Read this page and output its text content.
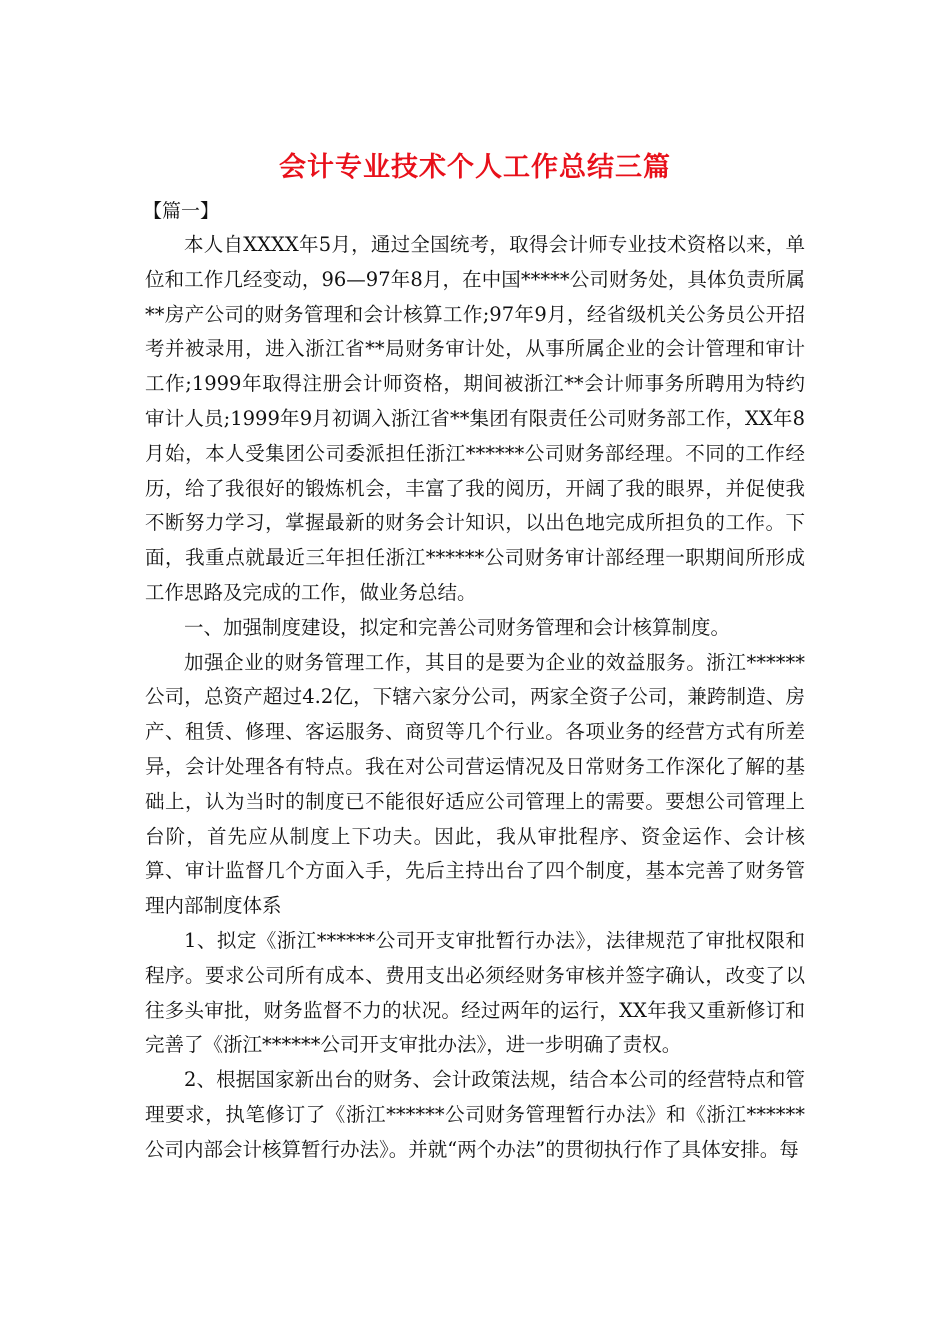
会计专业技术个人工作总结三篇
【篇一】

本人自XXXX年5月，通过全国统考，取得会计师专业技术资格以来，单位和工作几经变动，96—97年8月，在中国*****公司财务处，具体负责所属**房产公司的财务管理和会计核算工作;97年9月，经省级机关公务员公开招考并被录用，进入浙江省**局财务审计处，从事所属企业的会计管理和审计工作;1999年取得注册会计师资格，期间被浙江**会计师事务所聘用为特约审计人员;1999年9月初调入浙江省**集团有限责任公司财务部工作，XX年8月始，本人受集团公司委派担任浙江******公司财务部经理。不同的工作经历，给了我很好的锻炼机会，丰富了我的阅历，开阔了我的眼界，并促使我不断努力学习，掌握最新的财务会计知识，以出色地完成所担负的工作。下面，我重点就最近三年担任浙江******公司财务审计部经理一职期间所形成工作思路及完成的工作，做业务总结。

一、加强制度建设，拟定和完善公司财务管理和会计核算制度。

加强企业的财务管理工作，其目的是要为企业的效益服务。浙江******公司，总资产超过4.2亿，下辖六家分公司，两家全资子公司，兼跨制造、房产、租赁、修理、客运服务、商贸等几个行业。各项业务的经营方式有所差异，会计处理各有特点。我在对公司营运情况及日常财务工作深化了解的基础上，认为当时的制度已不能很好适应公司管理上的需要。要想公司管理上台阶，首先应从制度上下功夫。因此，我从审批程序、资金运作、会计核算、审计监督几个方面入手，先后主持出台了四个制度，基本完善了财务管理内部制度体系

1、拟定《浙江******公司开支审批暂行办法》，法律规范了审批权限和程序。要求公司所有成本、费用支出必须经财务审核并签字确认，改变了以往多头审批，财务监督不力的状况。经过两年的运行，XX年我又重新修订和完善了《浙江******公司开支审批办法》，进一步明确了责权。

2、根据国家新出台的财务、会计政策法规，结合本公司的经营特点和管理要求，执笔修订了《浙江******公司财务管理暂行办法》和《浙江******公司内部会计核算暂行办法》。并就“两个办法”的贯彻执行作了具体安排。每
